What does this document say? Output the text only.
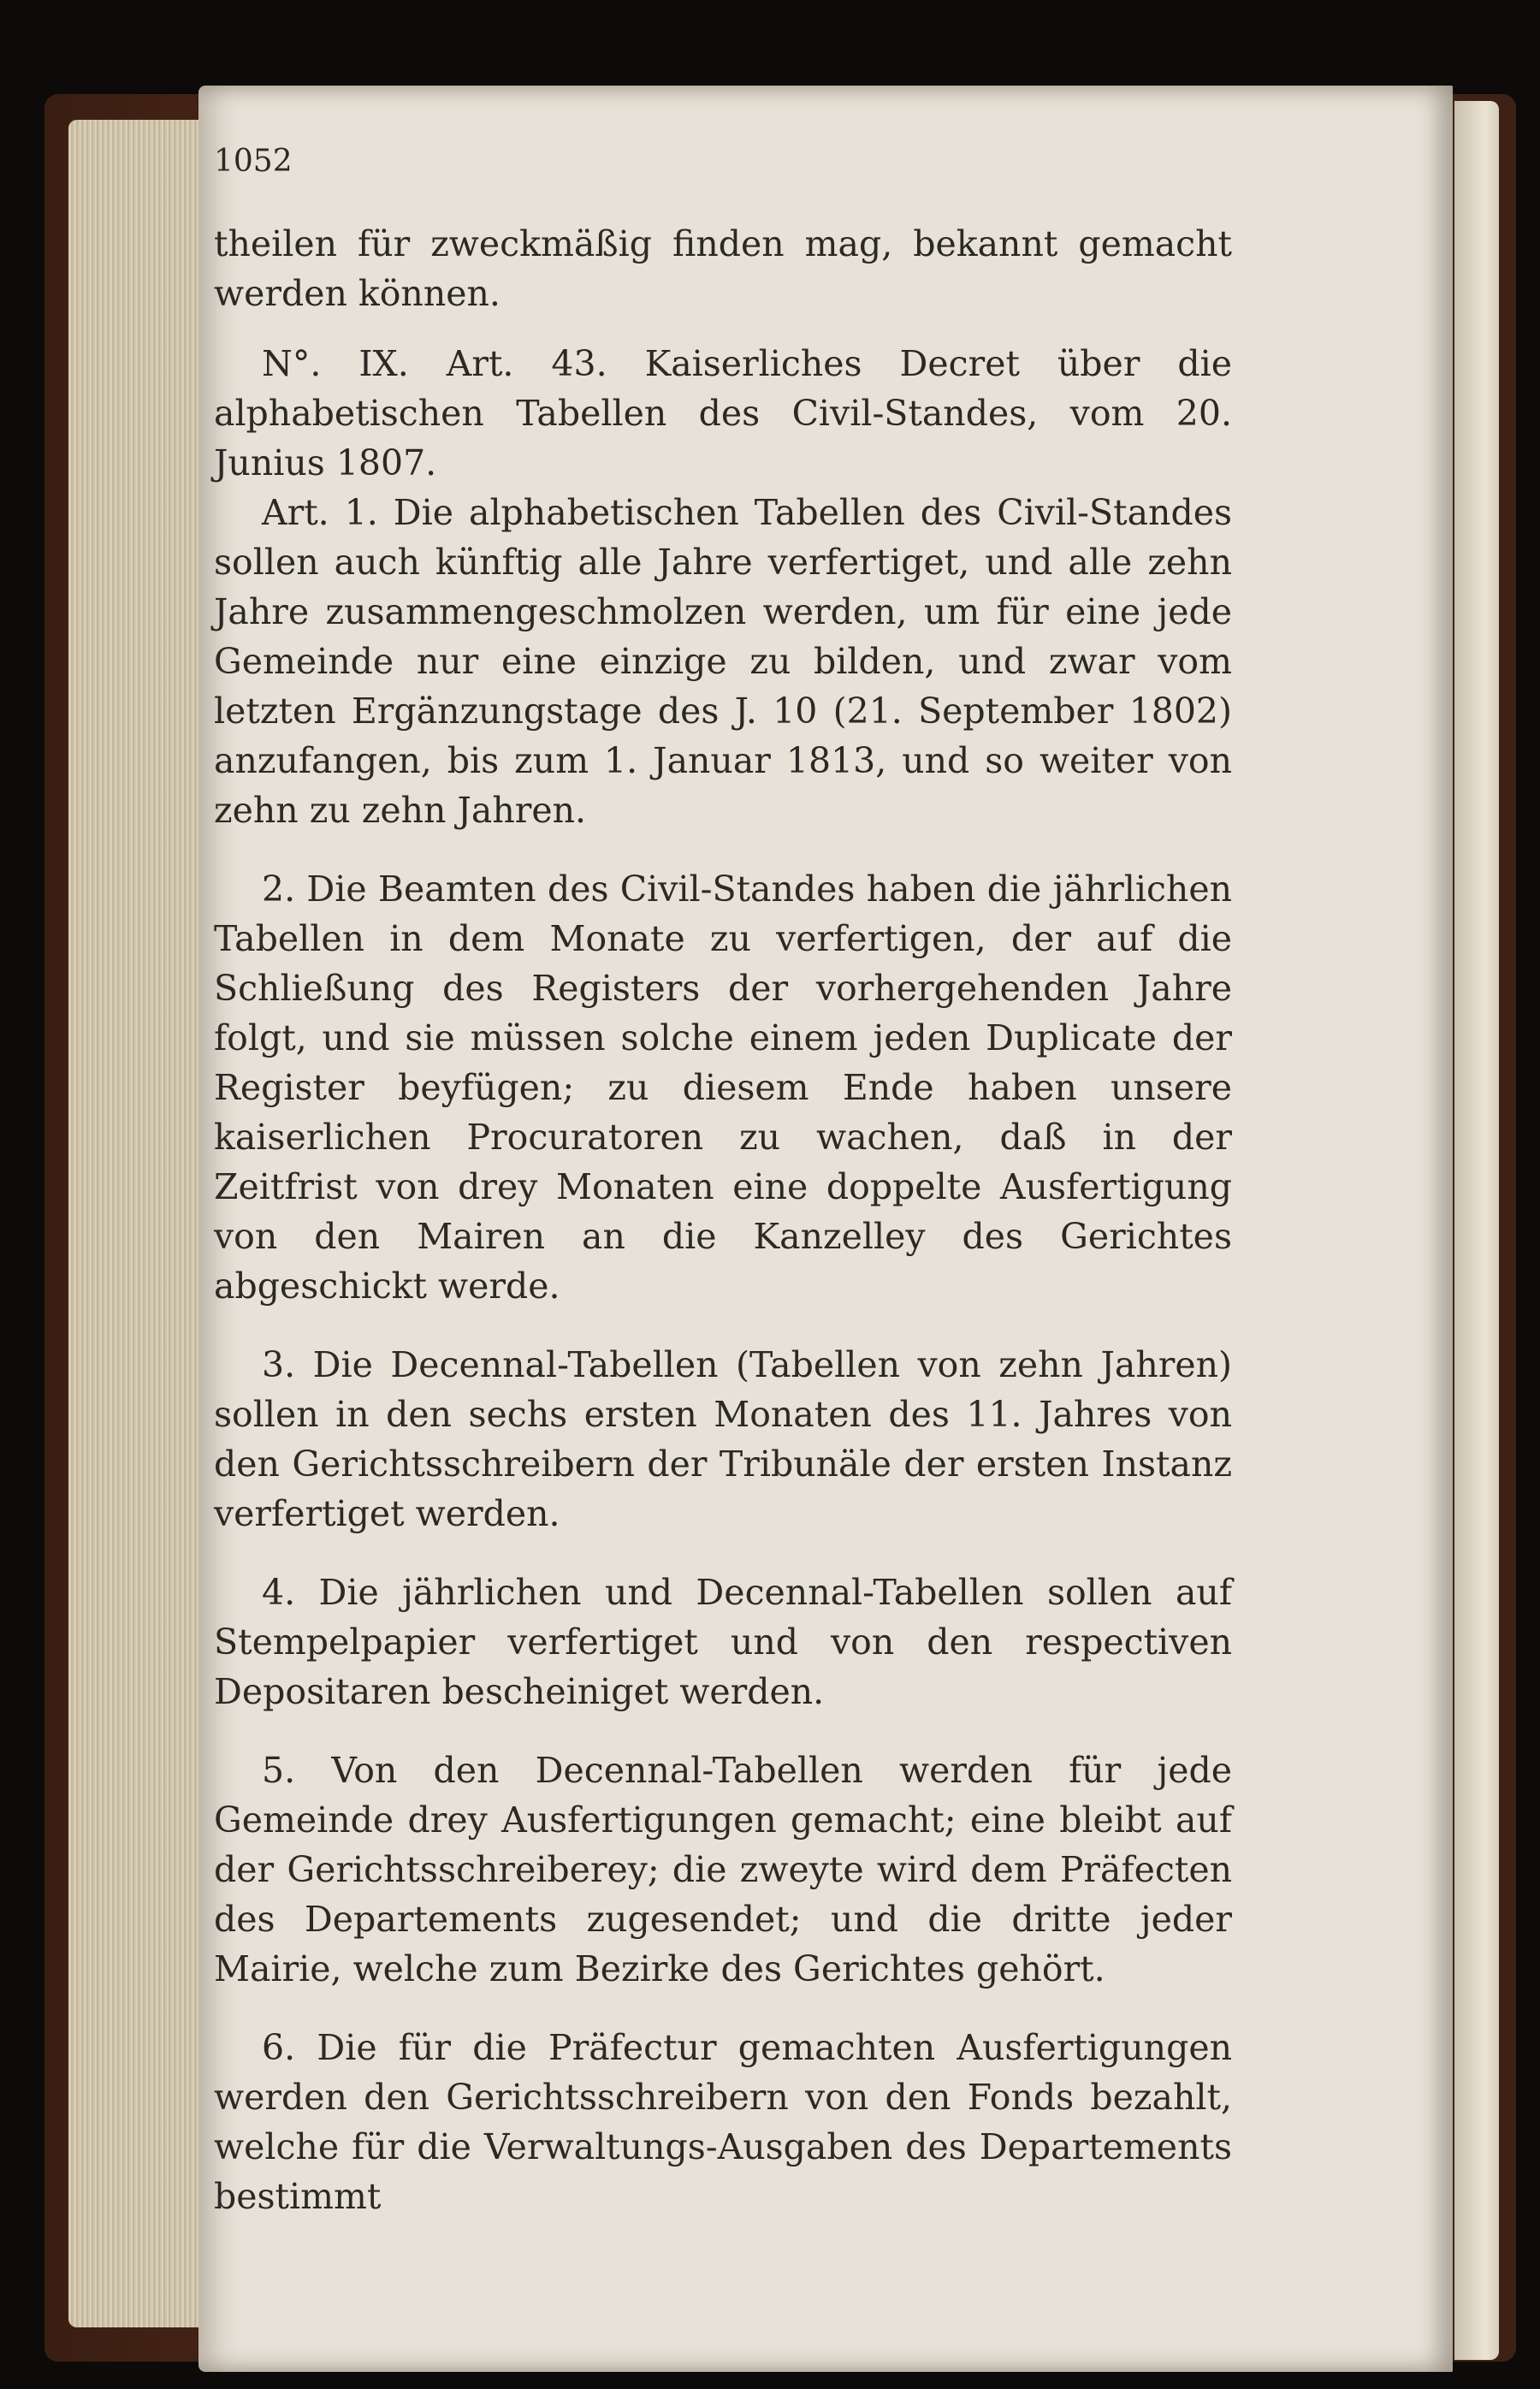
1052

theilen für zweckmäßig finden mag, bekannt gemacht werden können.

N°. IX. Art. 43. Kaiserliches Decret über die alphabetischen Tabellen des Civil-Standes, vom 20. Junius 1807.

Art. 1. Die alphabetischen Tabellen des Civil-Standes sollen auch künftig alle Jahre verfertiget, und alle zehn Jahre zusammengeschmolzen werden, um für eine jede Gemeinde nur eine einzige zu bilden, und zwar vom letzten Ergänzungstage des J. 10 (21. September 1802) anzufangen, bis zum 1. Januar 1813, und so weiter von zehn zu zehn Jahren.

2. Die Beamten des Civil-Standes haben die jährlichen Tabellen in dem Monate zu verfertigen, der auf die Schließung des Registers der vorhergehenden Jahre folgt, und sie müssen solche einem jeden Duplicate der Register beyfügen; zu diesem Ende haben unsere kaiserlichen Procuratoren zu wachen, daß in der Zeitfrist von drey Monaten eine doppelte Ausfertigung von den Mairen an die Kanzelley des Gerichtes abgeschickt werde.

3. Die Decennal-Tabellen (Tabellen von zehn Jahren) sollen in den sechs ersten Monaten des 11. Jahres von den Gerichtsschreibern der Tribunäle der ersten Instanz verfertiget werden.

4. Die jährlichen und Decennal-Tabellen sollen auf Stempelpapier verfertiget und von den respectiven Depositaren bescheiniget werden.

5. Von den Decennal-Tabellen werden für jede Gemeinde drey Ausfertigungen gemacht; eine bleibt auf der Gerichtsschreiberey; die zweyte wird dem Präfecten des Departements zugesendet; und die dritte jeder Mairie, welche zum Bezirke des Gerichtes gehört.

6. Die für die Präfectur gemachten Ausfertigungen werden den Gerichtsschreibern von den Fonds bezahlt, welche für die Verwaltungs-Ausgaben des Departements bestimmt
